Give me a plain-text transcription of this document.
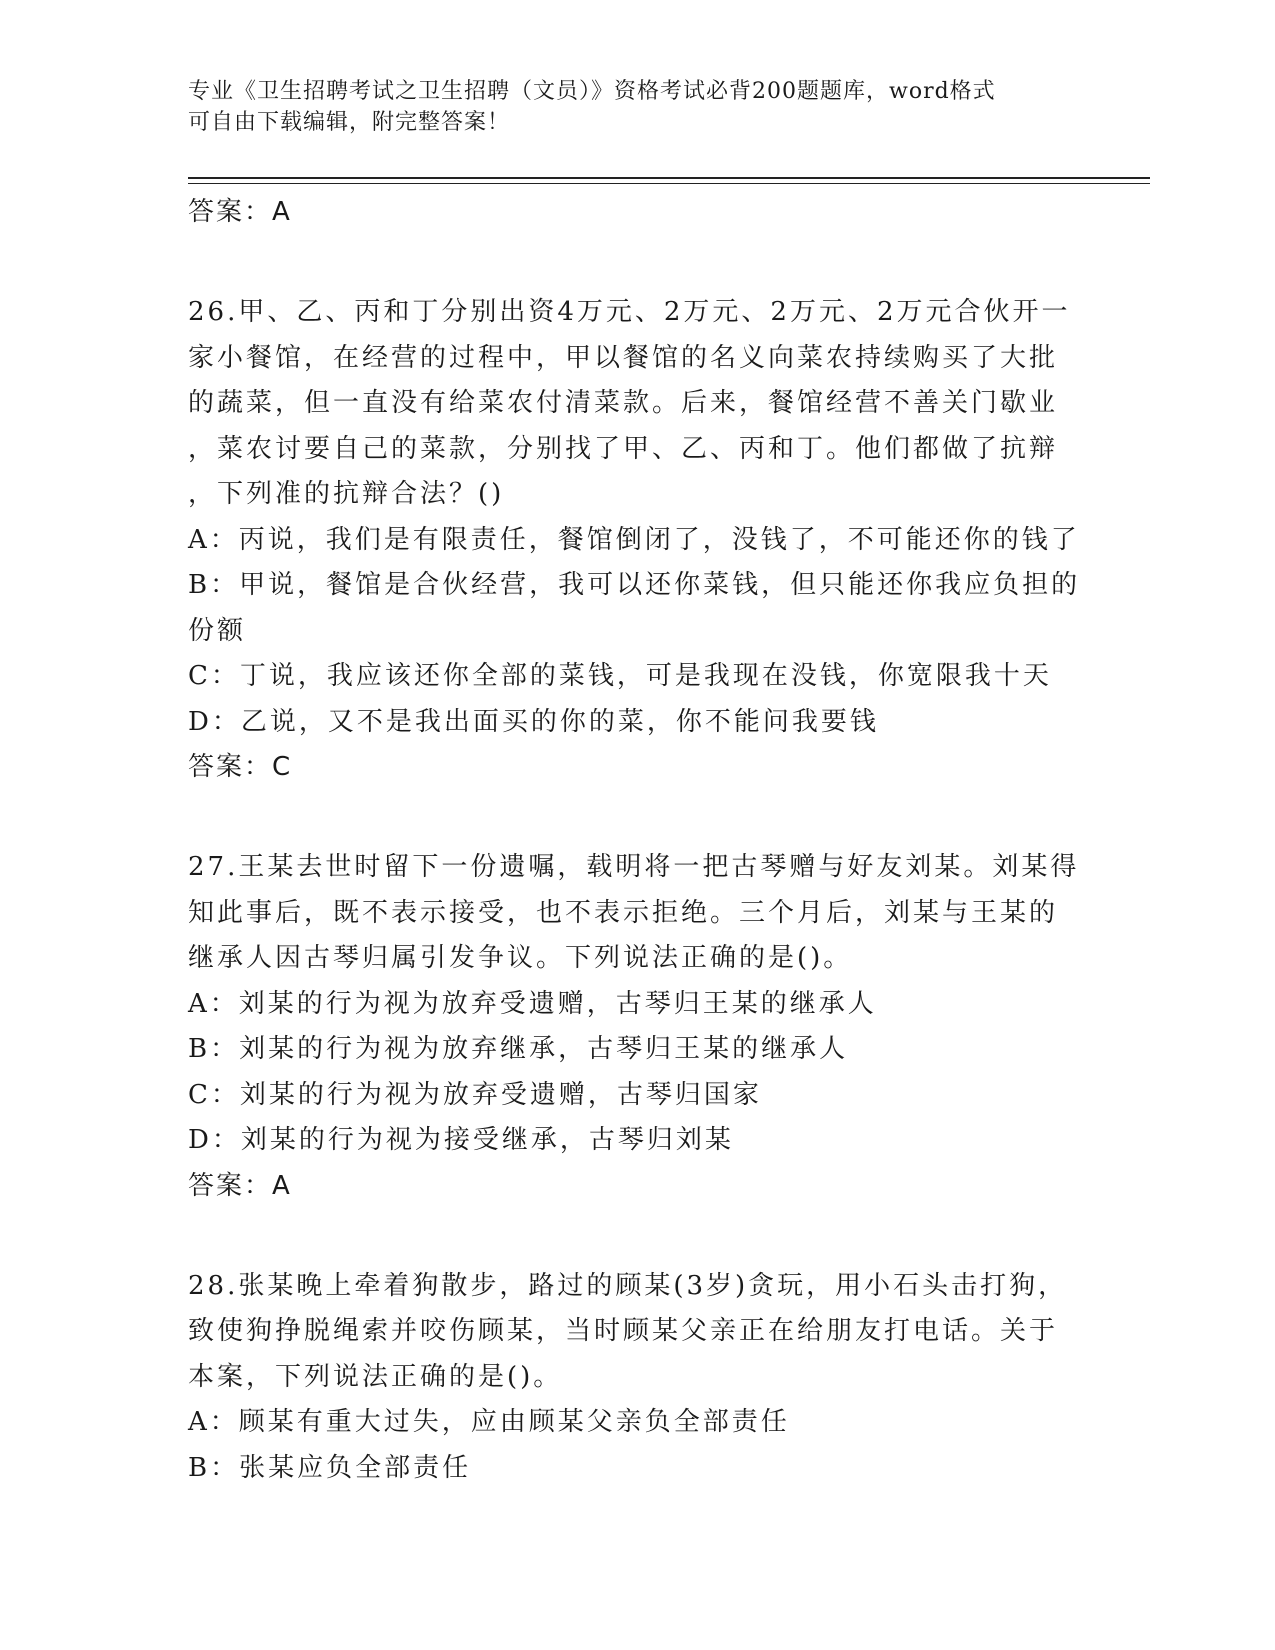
专业《卫生招聘考试之卫生招聘（文员）》资格考试必背200题题库，word格式
可自由下载编辑，附完整答案！

答案：A

26.甲、乙、丙和丁分别出资4万元、2万元、2万元、2万元合伙开一

家小餐馆，在经营的过程中，甲以餐馆的名义向菜农持续购买了大批

的蔬菜，但一直没有给菜农付清菜款。后来，餐馆经营不善关门歇业

，菜农讨要自己的菜款，分别找了甲、乙、丙和丁。他们都做了抗辩

，下列准的抗辩合法？()

A：丙说，我们是有限责任，餐馆倒闭了，没钱了，不可能还你的钱了

B：甲说，餐馆是合伙经营，我可以还你菜钱，但只能还你我应负担的

份额

C：丁说，我应该还你全部的菜钱，可是我现在没钱，你宽限我十天

D：乙说，又不是我出面买的你的菜，你不能问我要钱

答案：C

27.王某去世时留下一份遗嘱，载明将一把古琴赠与好友刘某。刘某得

知此事后，既不表示接受，也不表示拒绝。三个月后，刘某与王某的

继承人因古琴归属引发争议。下列说法正确的是()。

A：刘某的行为视为放弃受遗赠，古琴归王某的继承人

B：刘某的行为视为放弃继承，古琴归王某的继承人

C：刘某的行为视为放弃受遗赠，古琴归国家

D：刘某的行为视为接受继承，古琴归刘某

答案：A

28.张某晚上牵着狗散步，路过的顾某(3岁)贪玩，用小石头击打狗，

致使狗挣脱绳索并咬伤顾某，当时顾某父亲正在给朋友打电话。关于

本案，下列说法正确的是()。

A：顾某有重大过失，应由顾某父亲负全部责任

B：张某应负全部责任
